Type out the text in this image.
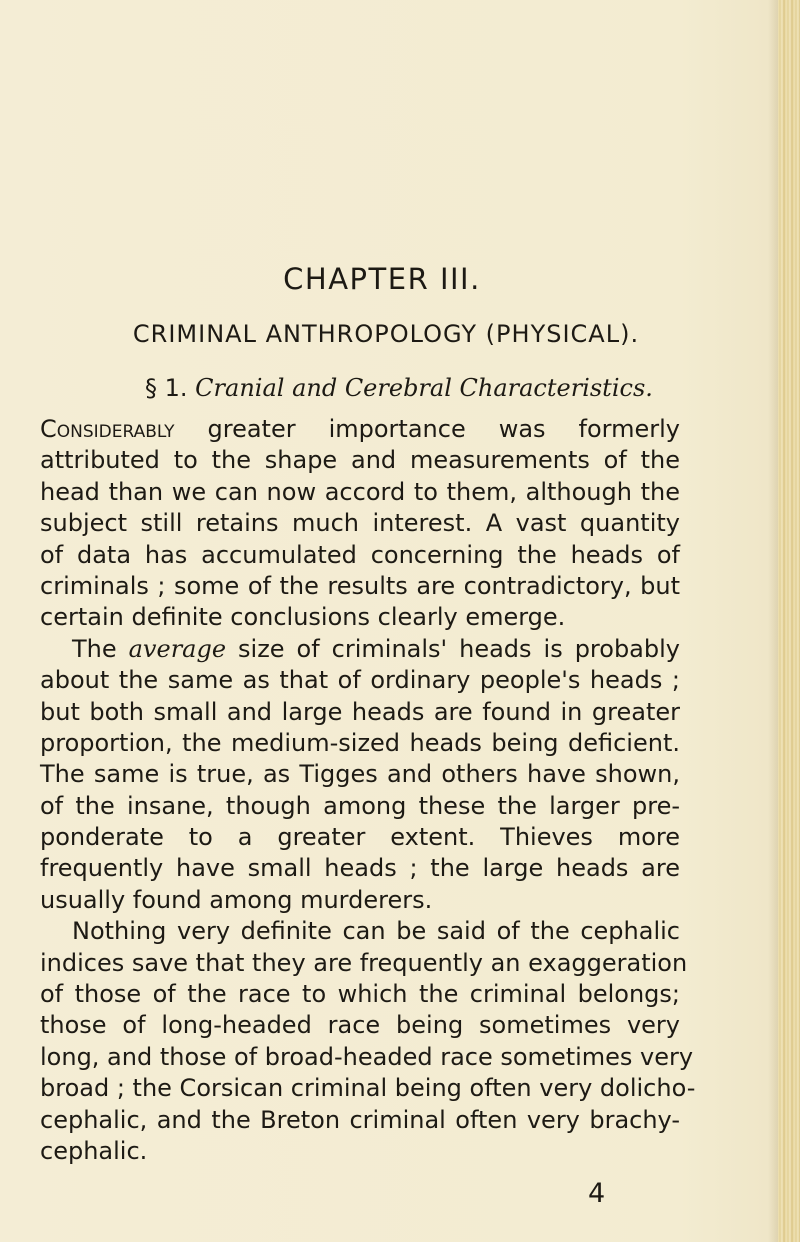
CHAPTER III.
CRIMINAL ANTHROPOLOGY (PHYSICAL).
§ 1. Cranial and Cerebral Characteristics.
Considerably greater importance was formerly
attributed to the shape and measurements of the
head than we can now accord to them, although the
subject still retains much interest. A vast quantity
of data has accumulated concerning the heads of
criminals ; some of the results are contradictory, but
certain definite conclusions clearly emerge.
The average size of criminals' heads is probably
about the same as that of ordinary people's heads ;
but both small and large heads are found in greater
proportion, the medium-sized heads being deficient.
The same is true, as Tigges and others have shown,
of the insane, though among these the larger pre-
ponderate to a greater extent. Thieves more
frequently have small heads ; the large heads are
usually found among murderers.
Nothing very definite can be said of the cephalic
indices save that they are frequently an exaggeration
of those of the race to which the criminal belongs;
those of long-headed race being sometimes very
long, and those of broad-headed race sometimes very
broad ; the Corsican criminal being often very dolicho-
cephalic, and the Breton criminal often very brachy-
cephalic.
4
